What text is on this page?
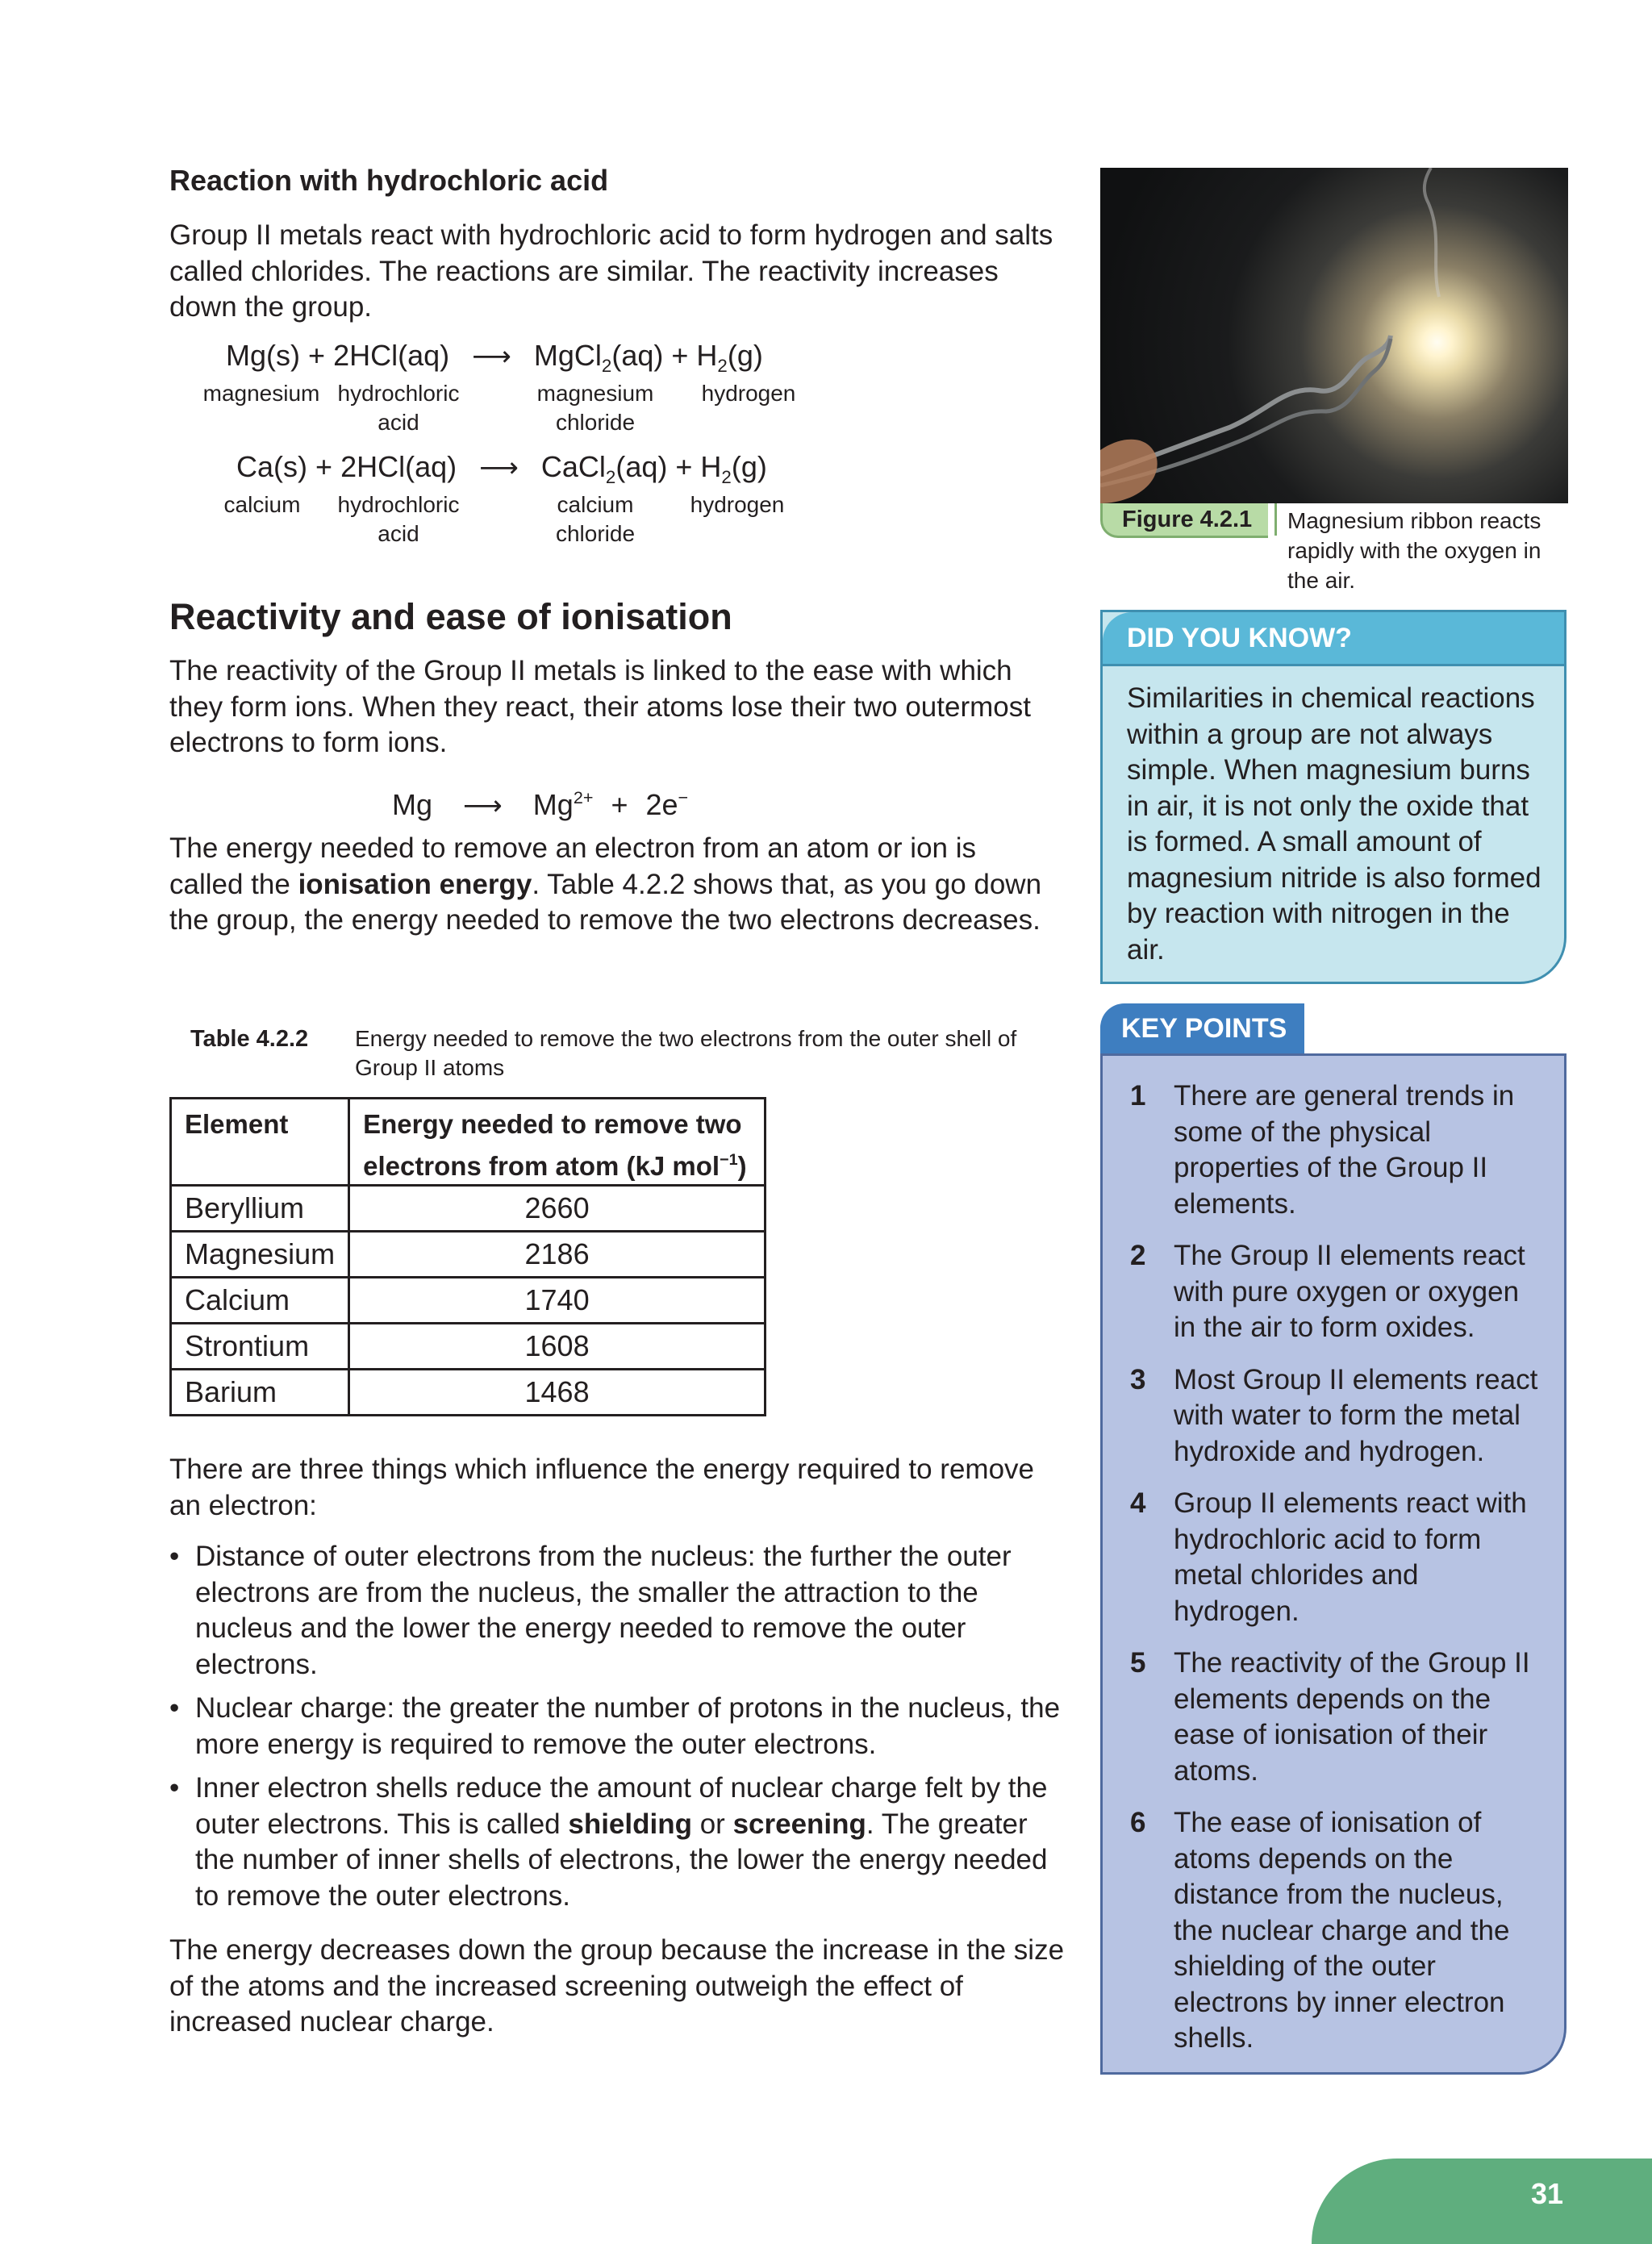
Reaction with hydrochloric acid
Group II metals react with hydrochloric acid to form hydrogen and salts called chlorides. The reactions are similar. The reactivity increases down the group.
Mg(s) + 2HCl(aq) ⟶ MgCl$_2$(aq) + $H_2(g)$
magnesium hydrochloric
acid
magnesium
chloride
hydrogen
Ca(s) + 2HCl(aq) ⟶ CaCl$_2$(aq) + $H_2(g)$
calcium hydrochloric
acid
calcium
chloride
hydrogen
Reactivity and ease of ionisation
The reactivity of the Group II metals is linked to the ease with which they form ions. When they react, their atoms lose their two outermost electrons to form ions.
Mg ⟶ $Mg^{2+} + 2e^-$
The energy needed to remove an electron from an atom or ion is called the ionisation energy. Table 4.2.2 shows that, as you go down the group, the energy needed to remove the two electrons decreases.
Table 4.2.2 Energy needed to remove the two electrons from the outer shell of Group II atoms
Element	Energy needed to remove two
electrons from atom (kJ mol$^{-1}$)
Beryllium	2660
Magnesium	2186
Calcium	1740
Strontium	1608
Barium	1468
There are three things which influence the energy required to remove an electron:
• Distance of outer electrons from the nucleus: the further the outer electrons are from the nucleus, the smaller the attraction to the nucleus and the lower the energy needed to remove the outer electrons.
• Nuclear charge: the greater the number of protons in the nucleus, the more energy is required to remove the outer electrons.
• Inner electron shells reduce the amount of nuclear charge felt by the outer electrons. This is called shielding or screening. The greater the number of inner shells of electrons, the lower the energy needed to remove the outer electrons.
The energy decreases down the group because the increase in the size of the atoms and the increased screening outweigh the effect of increased nuclear charge.
Figure 4.2.1	Magnesium ribbon reacts rapidly with the oxygen in the air.
DID YOU KNOW?
Similarities in chemical reactions within a group are not always simple. When magnesium burns in air, it is not only the oxide that is formed. A small amount of magnesium nitride is also formed by reaction with nitrogen in the air.
KEY POINTS
1 There are general trends in some of the physical properties of the Group II elements.
2 The Group II elements react with pure oxygen or oxygen in the air to form oxides.
3 Most Group II elements react with water to form the metal hydroxide and hydrogen.
4 Group II elements react with hydrochloric acid to form metal chlorides and hydrogen.
5 The reactivity of the Group II elements depends on the ease of ionisation of their atoms.
6 The ease of ionisation of atoms depends on the distance from the nucleus, the nuclear charge and the shielding of the outer electrons by inner electron shells.
31
